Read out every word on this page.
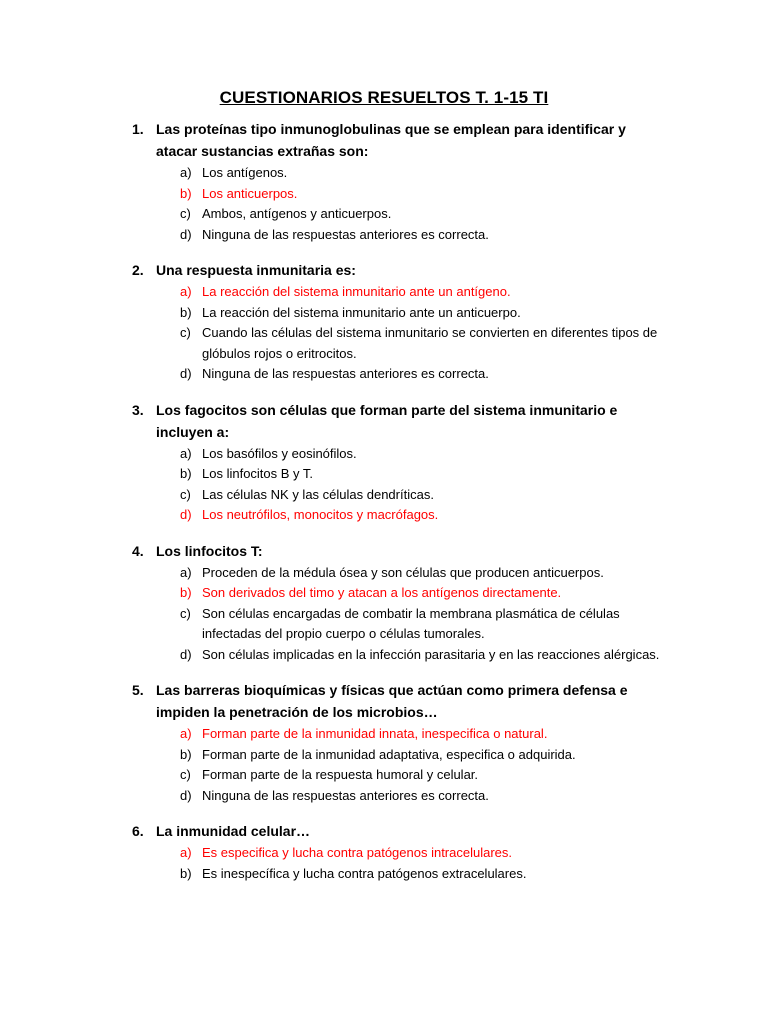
CUESTIONARIOS RESUELTOS T. 1-15 TI
1. Las proteínas tipo inmunoglobulinas que se emplean para identificar y atacar sustancias extrañas son:
a) Los antígenos.
b) Los anticuerpos.
c) Ambos, antígenos y anticuerpos.
d) Ninguna de las respuestas anteriores es correcta.
2. Una respuesta inmunitaria es:
a) La reacción del sistema inmunitario ante un antígeno.
b) La reacción del sistema inmunitario ante un anticuerpo.
c) Cuando las células del sistema inmunitario se convierten en diferentes tipos de glóbulos rojos o eritrocitos.
d) Ninguna de las respuestas anteriores es correcta.
3. Los fagocitos son células que forman parte del sistema inmunitario e incluyen a:
a) Los basófilos y eosinófilos.
b) Los linfocitos B y T.
c) Las células NK y las células dendríticas.
d) Los neutrófilos, monocitos y macrófagos.
4. Los linfocitos T:
a) Proceden de la médula ósea y son células que producen anticuerpos.
b) Son derivados del timo y atacan a los antígenos directamente.
c) Son células encargadas de combatir la membrana plasmática de células infectadas del propio cuerpo o células tumorales.
d) Son células implicadas en la infección parasitaria y en las reacciones alérgicas.
5. Las barreras bioquímicas y físicas que actúan como primera defensa e impiden la penetración de los microbios…
a) Forman parte de la inmunidad innata, inespecifica o natural.
b) Forman parte de la inmunidad adaptativa, especifica o adquirida.
c) Forman parte de la respuesta humoral y celular.
d) Ninguna de las respuestas anteriores es correcta.
6. La inmunidad celular…
a) Es especifica y lucha contra patógenos intracelulares.
b) Es inespecífica y lucha contra patógenos extracelulares.
